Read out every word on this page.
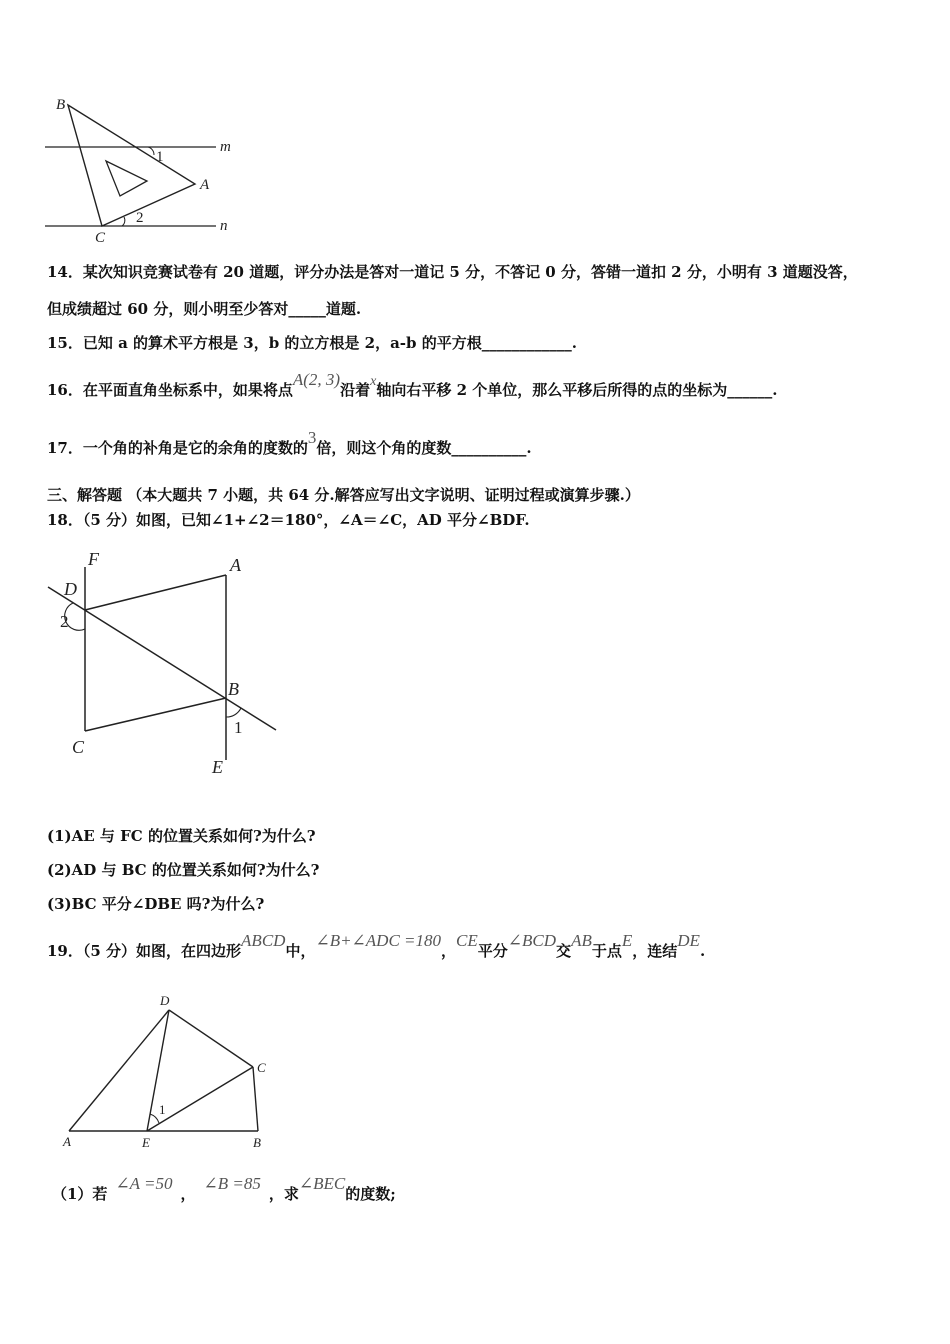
B
A
C
m
n
1
2
14．某次知识竞赛试卷有 20 道题，评分办法是答对一道记 5 分，不答记 0 分，答错一道扣 2 分，小明有 3 道题没答，
但成绩超过 60 分，则小明至少答对_____道题.
15．已知 a 的算术平方根是 3，b 的立方根是 2，a-b 的平方根____________.
16．在平面直角坐标系中，如果将点A(2, 3)沿着x轴向右平移 2 个单位，那么平移后所得的点的坐标为______.
17．一个角的补角是它的余角的度数的3倍，则这个角的度数__________.
三、解答题 （本大题共 7 小题，共 64 分.解答应写出文字说明、证明过程或演算步骤.）
18．（5 分）如图，已知∠1+∠2＝180°，∠A＝∠C，AD 平分∠BDF.
F
D
A
B
C
E
1
2
(1)AE 与 FC 的位置关系如何?为什么?
(2)AD 与 BC 的位置关系如何?为什么?
(3)BC 平分∠DBE 吗?为什么?
19．（5 分）如图，在四边形ABCD中，∠B+∠ADC =180，CE平分∠BCD交AB于点E，连结DE.
D
C
A	E	B
1
（1）若∠A =50，∠B =85，求∠BEC的度数;
